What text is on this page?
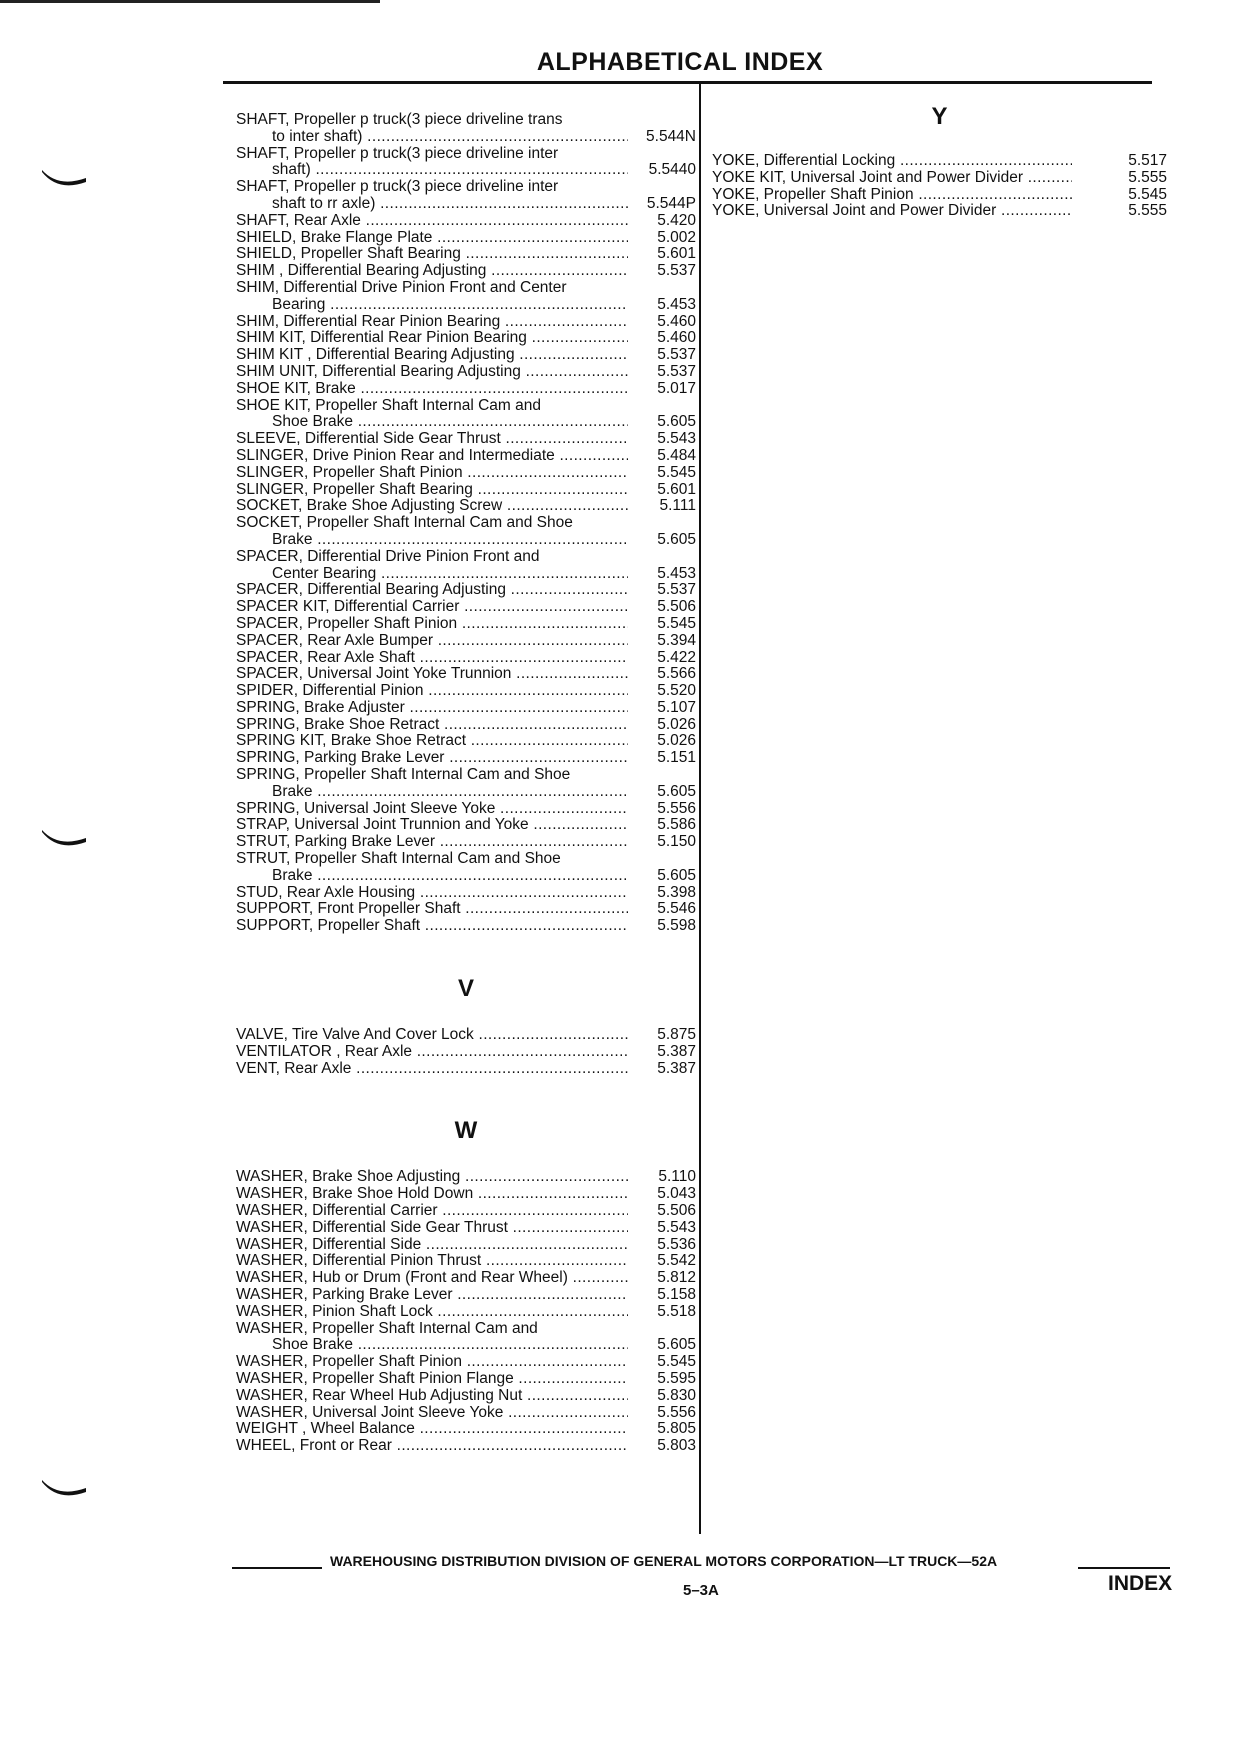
ALPHABETICAL INDEX
SHAFT, Propeller p truck(3 piece driveline trans
to inter shaft) .....	5.544N
SHAFT, Propeller p truck(3 piece driveline inter
shaft) .....	5.5440
SHAFT, Propeller p truck(3 piece driveline inter
shaft to rr axle) .....	5.544P
SHAFT, Rear Axle .....	5.420
SHIELD, Brake Flange Plate .....	5.002
SHIELD, Propeller Shaft Bearing .....	5.601
SHIM , Differential Bearing Adjusting .....	5.537
SHIM, Differential Drive Pinion Front and Center
Bearing .....	5.453
SHIM, Differential Rear Pinion Bearing .....	5.460
SHIM KIT, Differential Rear Pinion Bearing .....	5.460
SHIM KIT , Differential Bearing Adjusting .....	5.537
SHIM UNIT, Differential Bearing Adjusting .....	5.537
SHOE KIT, Brake .....	5.017
SHOE KIT, Propeller Shaft Internal Cam and
Shoe Brake .....	5.605
SLEEVE, Differential Side Gear Thrust .....	5.543
SLINGER, Drive Pinion Rear and Intermediate .....	5.484
SLINGER, Propeller Shaft Pinion .....	5.545
SLINGER, Propeller Shaft Bearing .....	5.601
SOCKET, Brake Shoe Adjusting Screw .....	5.111
SOCKET, Propeller Shaft Internal Cam and Shoe
Brake .....	5.605
SPACER, Differential Drive Pinion Front and
Center Bearing .....	5.453
SPACER, Differential Bearing Adjusting .....	5.537
SPACER KIT, Differential Carrier .....	5.506
SPACER, Propeller Shaft Pinion .....	5.545
SPACER, Rear Axle Bumper .....	5.394
SPACER, Rear Axle Shaft .....	5.422
SPACER, Universal Joint Yoke Trunnion .....	5.566
SPIDER, Differential Pinion .....	5.520
SPRING, Brake Adjuster .....	5.107
SPRING, Brake Shoe Retract .....	5.026
SPRING KIT, Brake Shoe Retract .....	5.026
SPRING, Parking Brake Lever .....	5.151
SPRING, Propeller Shaft Internal Cam and Shoe
Brake .....	5.605
SPRING, Universal Joint Sleeve Yoke .....	5.556
STRAP, Universal Joint Trunnion and Yoke .....	5.586
STRUT, Parking Brake Lever .....	5.150
STRUT, Propeller Shaft Internal Cam and Shoe
Brake .....	5.605
STUD, Rear Axle Housing .....	5.398
SUPPORT, Front Propeller Shaft .....	5.546
SUPPORT, Propeller Shaft .....	5.598
V
VALVE, Tire Valve And Cover Lock .....	5.875
VENTILATOR , Rear Axle .....	5.387
VENT, Rear Axle .....	5.387
W
WASHER, Brake Shoe Adjusting .....	5.110
WASHER, Brake Shoe Hold Down .....	5.043
WASHER, Differential Carrier .....	5.506
WASHER, Differential Side Gear Thrust .....	5.543
WASHER, Differential Side .....	5.536
WASHER, Differential Pinion Thrust .....	5.542
WASHER, Hub or Drum (Front and Rear Wheel) .....	5.812
WASHER, Parking Brake Lever .....	5.158
WASHER, Pinion Shaft Lock .....	5.518
WASHER, Propeller Shaft Internal Cam and
Shoe Brake .....	5.605
WASHER, Propeller Shaft Pinion .....	5.545
WASHER, Propeller Shaft Pinion Flange .....	5.595
WASHER, Rear Wheel Hub Adjusting Nut .....	5.830
WASHER, Universal Joint Sleeve Yoke .....	5.556
WEIGHT , Wheel Balance .....	5.805
WHEEL, Front or Rear .....	5.803
Y
YOKE, Differential Locking .....	5.517
YOKE KIT, Universal Joint and Power Divider .....	5.555
YOKE, Propeller Shaft Pinion .....	5.545
YOKE, Universal Joint and Power Divider .....	5.555
WAREHOUSING DISTRIBUTION DIVISION OF GENERAL MOTORS CORPORATION—LT TRUCK—52A
5–3A	INDEX
